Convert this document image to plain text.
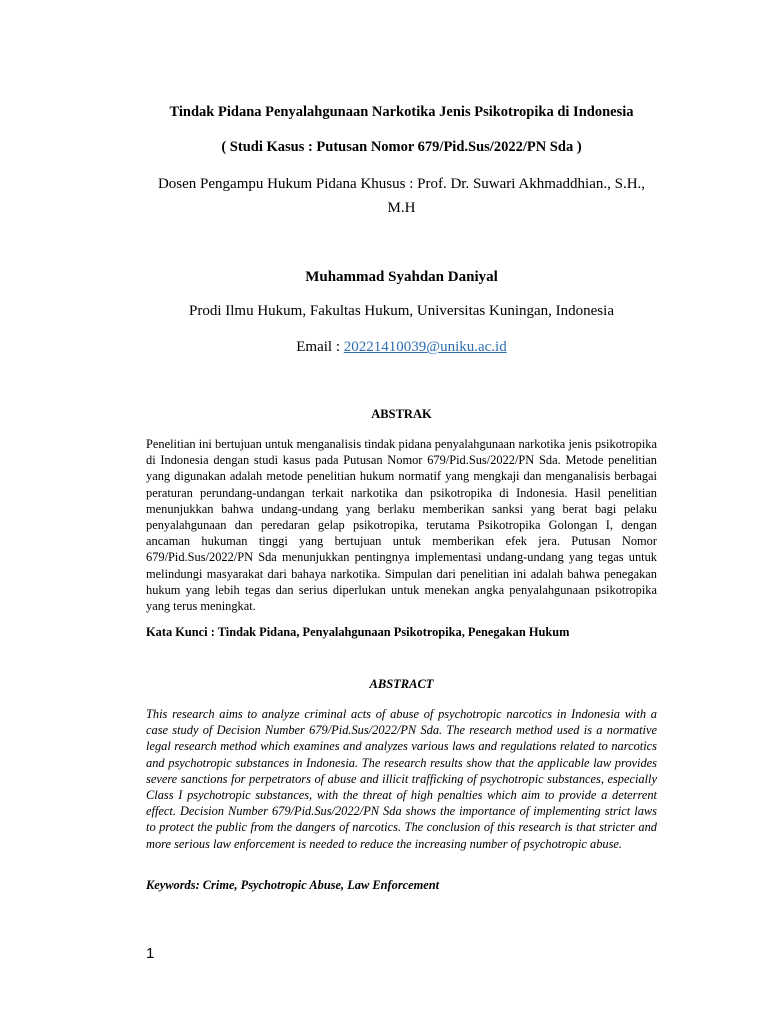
Tindak Pidana Penyalahgunaan Narkotika Jenis Psikotropika di Indonesia
( Studi Kasus : Putusan Nomor 679/Pid.Sus/2022/PN Sda )
Dosen Pengampu Hukum Pidana Khusus : Prof. Dr. Suwari Akhmaddhian., S.H., M.H
Muhammad Syahdan Daniyal
Prodi Ilmu Hukum, Fakultas Hukum, Universitas Kuningan, Indonesia
Email : 20221410039@uniku.ac.id
ABSTRAK
Penelitian ini bertujuan untuk menganalisis tindak pidana penyalahgunaan narkotika jenis psikotropika di Indonesia dengan studi kasus pada Putusan Nomor 679/Pid.Sus/2022/PN Sda. Metode penelitian yang digunakan adalah metode penelitian hukum normatif yang mengkaji dan menganalisis berbagai peraturan perundang-undangan terkait narkotika dan psikotropika di Indonesia. Hasil penelitian menunjukkan bahwa undang-undang yang berlaku memberikan sanksi yang berat bagi pelaku penyalahgunaan dan peredaran gelap psikotropika, terutama Psikotropika Golongan I, dengan ancaman hukuman tinggi yang bertujuan untuk memberikan efek jera. Putusan Nomor 679/Pid.Sus/2022/PN Sda menunjukkan pentingnya implementasi undang-undang yang tegas untuk melindungi masyarakat dari bahaya narkotika. Simpulan dari penelitian ini adalah bahwa penegakan hukum yang lebih tegas dan serius diperlukan untuk menekan angka penyalahgunaan psikotropika yang terus meningkat.
Kata Kunci : Tindak Pidana, Penyalahgunaan Psikotropika, Penegakan Hukum
ABSTRACT
This research aims to analyze criminal acts of abuse of psychotropic narcotics in Indonesia with a case study of Decision Number 679/Pid.Sus/2022/PN Sda. The research method used is a normative legal research method which examines and analyzes various laws and regulations related to narcotics and psychotropic substances in Indonesia. The research results show that the applicable law provides severe sanctions for perpetrators of abuse and illicit trafficking of psychotropic substances, especially Class I psychotropic substances, with the threat of high penalties which aim to provide a deterrent effect. Decision Number 679/Pid.Sus/2022/PN Sda shows the importance of implementing strict laws to protect the public from the dangers of narcotics. The conclusion of this research is that stricter and more serious law enforcement is needed to reduce the increasing number of psychotropic abuse.
Keywords: Crime, Psychotropic Abuse, Law Enforcement
1
